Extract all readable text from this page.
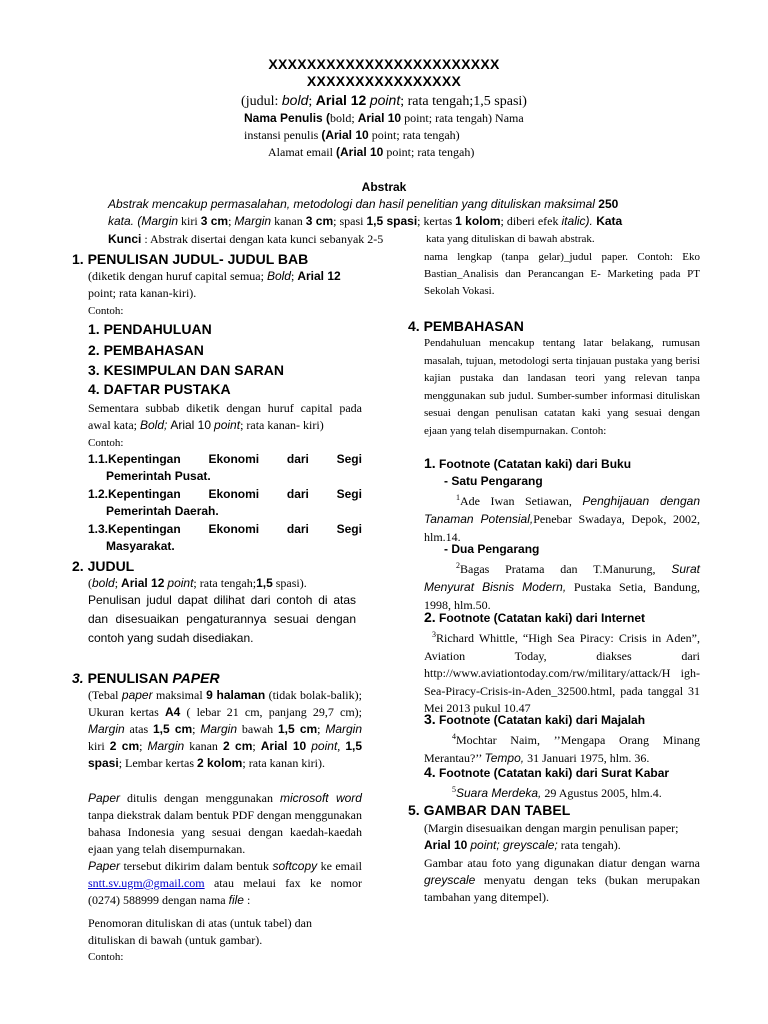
XXXXXXXXXXXXXXXXXXXXXXXX
XXXXXXXXXXXXXXXX
(judul: bold; Arial 12 point; rata tengah;1,5 spasi)
Nama Penulis (bold; Arial 10 point; rata tengah) Nama
instansi penulis (Arial 10 point; rata tengah)
Alamat email (Arial 10 point; rata tengah)
Abstrak
Abstrak mencakup permasalahan, metodologi dan hasil penelitian yang dituliskan maksimal 250
kata. (Margin kiri 3 cm; Margin kanan 3 cm; spasi 1,5 spasi; kertas 1 kolom; diberi efek italic). Kata
Kunci : Abstrak disertai dengan kata kunci sebanyak 2-5	kata yang dituliskan di bawah abstrak.
1. PENULISAN JUDUL- JUDUL BAB
(diketik dengan huruf capital semua; Bold; Arial 12 point; rata kanan-kiri).
Contoh:
1. PENDAHULUAN
2. PEMBAHASAN
3. KESIMPULAN DAN SARAN
4. DAFTAR PUSTAKA
Sementara subbab diketik dengan huruf capital pada awal kata; Bold; Arial 10 point; rata kanan- kiri)
Contoh:
1.1.Kepentingan Ekonomi dari Segi
Pemerintah Pusat.
1.2.Kepentingan Ekonomi dari Segi
Pemerintah Daerah.
1.3.Kepentingan Ekonomi dari Segi
Masyarakat.
2. JUDUL
(bold; Arial 12 point; rata tengah;1,5 spasi).
Penulisan judul dapat dilihat dari contoh di atas dan disesuaikan pengaturannya sesuai dengan contoh yang sudah disediakan.
3. PENULISAN PAPER
(Tebal paper maksimal 9 halaman (tidak bolak-balik); Ukuran kertas A4 ( lebar 21 cm, panjang 29,7 cm); Margin atas 1,5 cm; Margin bawah 1,5 cm; Margin kiri 2 cm; Margin kanan 2 cm; Arial 10 point, 1,5 spasi; Lembar kertas 2 kolom; rata kanan kiri).
Paper ditulis dengan menggunakan microsoft word tanpa diekstrak dalam bentuk PDF dengan menggunakan bahasa Indonesia yang sesuai dengan kaedah-kaedah ejaan yang telah disempurnakan.
Paper tersebut dikirim dalam bentuk softcopy ke email sntt.sv.ugm@gmail.com atau melaui fax ke nomor (0274) 588999 dengan nama file :
Penomoran dituliskan di atas (untuk tabel) dan dituliskan di bawah (untuk gambar).
Contoh:
nama lengkap (tanpa gelar)_judul paper. Contoh: Eko Bastian_Analisis dan Perancangan E- Marketing pada PT Sekolah Vokasi.
4. PEMBAHASAN
Pendahuluan mencakup tentang latar belakang, rumusan masalah, tujuan, metodologi serta tinjauan pustaka yang berisi kajian pustaka dan landasan teori yang relevan tanpa menggunakan sub judul. Sumber-sumber informasi dituliskan sesuai dengan penulisan catatan kaki yang sesuai dengan ejaan yang telah disempurnakan. Contoh:
1. Footnote (Catatan kaki) dari Buku
- Satu Pengarang
$^1$Ade Iwan Setiawan, Penghijauan dengan Tanaman Potensial,Penebar Swadaya, Depok, 2002, hlm.14.
- Dua Pengarang
$^2$Bagas Pratama dan T.Manurung, Surat Menyurat Bisnis Modern, Pustaka Setia, Bandung, 1998, hlm.50.
2. Footnote (Catatan kaki) dari Internet
$^3$Richard Whittle, “High Sea Piracy: Crisis in Aden”, Aviation Today, diakses dari http://www.aviationtoday.com/rw/military/attack/H igh-Sea-Piracy-Crisis-in-Aden_32500.html, pada tanggal 31 Mei 2013 pukul 10.47
3. Footnote (Catatan kaki) dari Majalah
$^4$Mochtar Naim, ’’Mengapa Orang Minang Merantau?’’ Tempo, 31 Januari 1975, hlm. 36.
4. Footnote (Catatan kaki) dari Surat Kabar
$^5$Suara Merdeka, 29 Agustus 2005, hlm.4.
5. GAMBAR DAN TABEL
(Margin disesuaikan dengan margin penulisan paper; Arial 10 point; greyscale; rata tengah).
Gambar atau foto yang digunakan diatur dengan warna greyscale menyatu dengan teks (bukan merupakan tambahan yang ditempel).
